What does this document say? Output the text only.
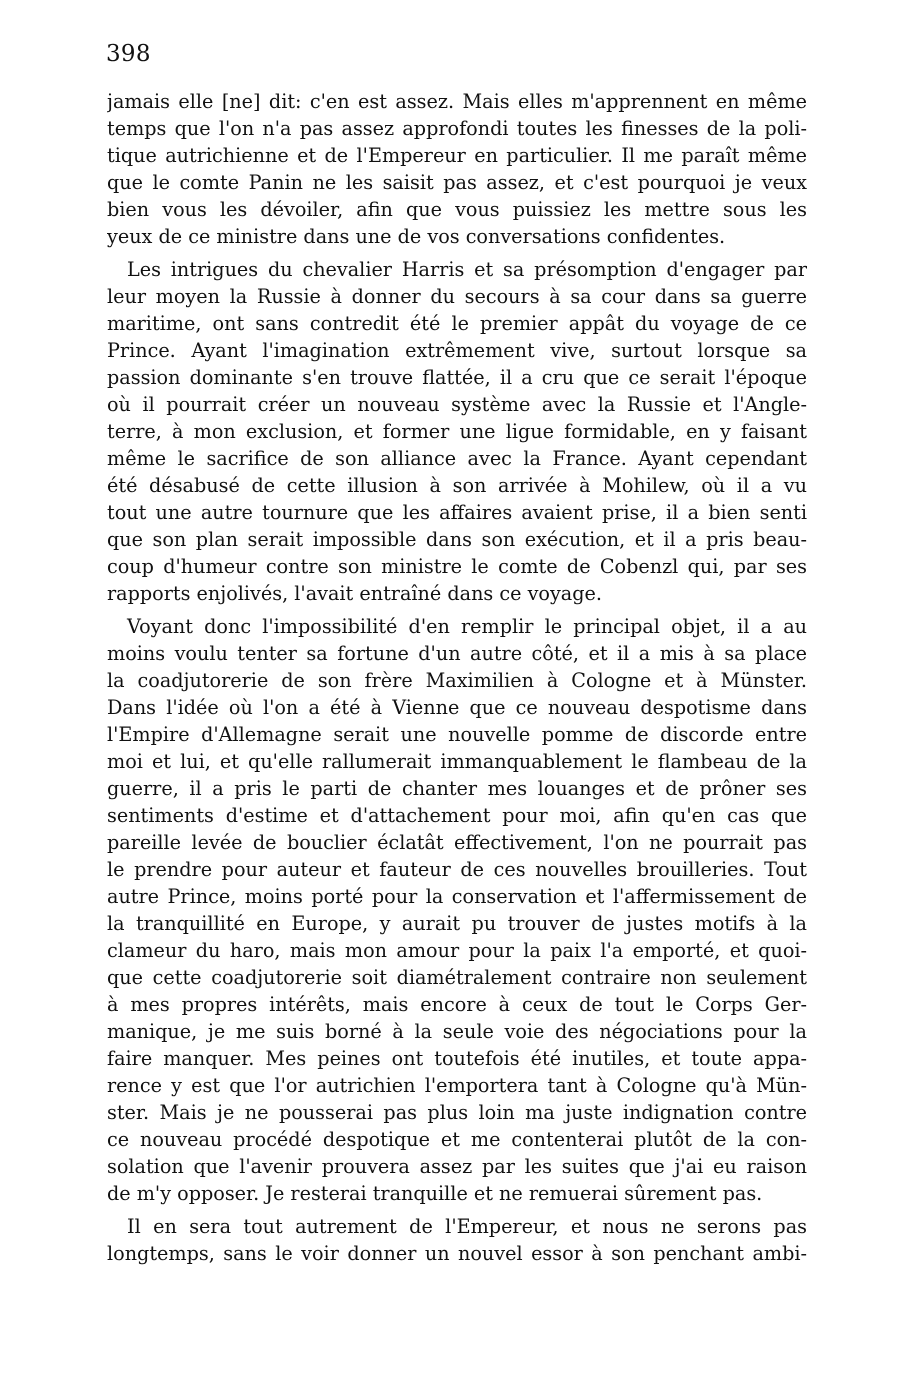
398

jamais elle [ne] dit: c'en est assez. Mais elles m'apprennent en même
temps que l'on n'a pas assez approfondi toutes les finesses de la poli-
tique autrichienne et de l'Empereur en particulier. Il me paraît même
que le comte Panin ne les saisit pas assez, et c'est pourquoi je veux
bien vous les dévoiler, afin que vous puissiez les mettre sous les
yeux de ce ministre dans une de vos conversations confidentes.

Les intrigues du chevalier Harris et sa présomption d'engager par
leur moyen la Russie à donner du secours à sa cour dans sa guerre
maritime, ont sans contredit été le premier appât du voyage de ce
Prince. Ayant l'imagination extrêmement vive, surtout lorsque sa
passion dominante s'en trouve flattée, il a cru que ce serait l'époque
où il pourrait créer un nouveau système avec la Russie et l'Angle-
terre, à mon exclusion, et former une ligue formidable, en y faisant
même le sacrifice de son alliance avec la France. Ayant cependant
été désabusé de cette illusion à son arrivée à Mohilew, où il a vu
tout une autre tournure que les affaires avaient prise, il a bien senti
que son plan serait impossible dans son exécution, et il a pris beau-
coup d'humeur contre son ministre le comte de Cobenzl qui, par ses
rapports enjolivés, l'avait entraîné dans ce voyage.

Voyant donc l'impossibilité d'en remplir le principal objet, il a au
moins voulu tenter sa fortune d'un autre côté, et il a mis à sa place
la coadjutorerie de son frère Maximilien à Cologne et à Münster.
Dans l'idée où l'on a été à Vienne que ce nouveau despotisme dans
l'Empire d'Allemagne serait une nouvelle pomme de discorde entre
moi et lui, et qu'elle rallumerait immanquablement le flambeau de la
guerre, il a pris le parti de chanter mes louanges et de prôner ses
sentiments d'estime et d'attachement pour moi, afin qu'en cas que
pareille levée de bouclier éclatât effectivement, l'on ne pourrait pas
le prendre pour auteur et fauteur de ces nouvelles brouilleries. Tout
autre Prince, moins porté pour la conservation et l'affermissement de
la tranquillité en Europe, y aurait pu trouver de justes motifs à la
clameur du haro, mais mon amour pour la paix l'a emporté, et quoi-
que cette coadjutorerie soit diamétralement contraire non seulement
à mes propres intérêts, mais encore à ceux de tout le Corps Ger-
manique, je me suis borné à la seule voie des négociations pour la
faire manquer. Mes peines ont toutefois été inutiles, et toute appa-
rence y est que l'or autrichien l'emportera tant à Cologne qu'à Mün-
ster. Mais je ne pousserai pas plus loin ma juste indignation contre
ce nouveau procédé despotique et me contenterai plutôt de la con-
solation que l'avenir prouvera assez par les suites que j'ai eu raison
de m'y opposer. Je resterai tranquille et ne remuerai sûrement pas.

Il en sera tout autrement de l'Empereur, et nous ne serons pas
longtemps, sans le voir donner un nouvel essor à son penchant ambi-
